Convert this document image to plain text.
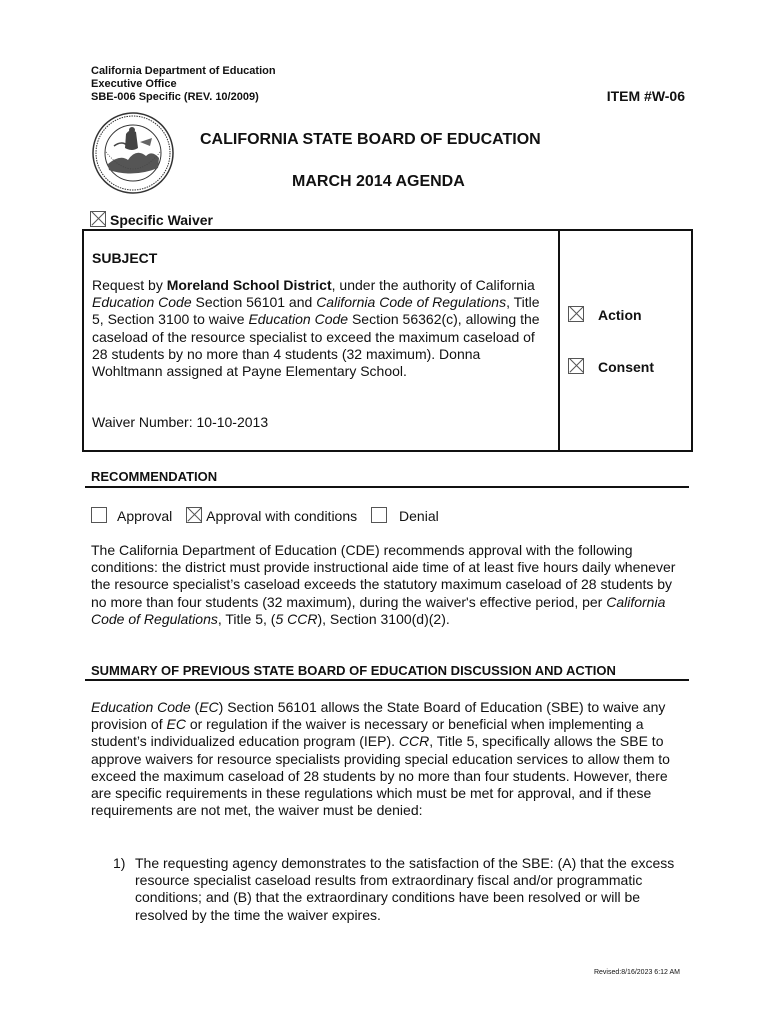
California Department of Education
Executive Office
SBE-006 Specific (REV. 10/2009)	ITEM #W-06
CALIFORNIA STATE BOARD OF EDUCATION
MARCH 2014 AGENDA
Specific Waiver
SUBJECT
Request by Moreland School District, under the authority of California Education Code Section 56101 and California Code of Regulations, Title 5, Section 3100 to waive Education Code Section 56362(c), allowing the caseload of the resource specialist to exceed the maximum caseload of 28 students by no more than 4 students (32 maximum). Donna Wohltmann assigned at Payne Elementary School.
Waiver Number: 10-10-2013
Action
Consent
RECOMMENDATION
Approval Approval with conditions	Denial
The California Department of Education (CDE) recommends approval with the following conditions: the district must provide instructional aide time of at least five hours daily whenever the resource specialist’s caseload exceeds the statutory maximum caseload of 28 students by no more than four students (32 maximum), during the waiver's effective period, per California Code of Regulations, Title 5, (5 CCR), Section 3100(d)(2).
SUMMARY OF PREVIOUS STATE BOARD OF EDUCATION DISCUSSION AND ACTION
Education Code (EC) Section 56101 allows the State Board of Education (SBE) to waive any provision of EC or regulation if the waiver is necessary or beneficial when implementing a student’s individualized education program (IEP). CCR, Title 5, specifically allows the SBE to approve waivers for resource specialists providing special education services to allow them to exceed the maximum caseload of 28 students by no more than four students. However, there are specific requirements in these regulations which must be met for approval, and if these requirements are not met, the waiver must be denied:
1) The requesting agency demonstrates to the satisfaction of the SBE: (A) that the excess resource specialist caseload results from extraordinary fiscal and/or programmatic conditions; and (B) that the extraordinary conditions have been resolved or will be resolved by the time the waiver expires.
Revised:8/16/2023 6:12 AM
